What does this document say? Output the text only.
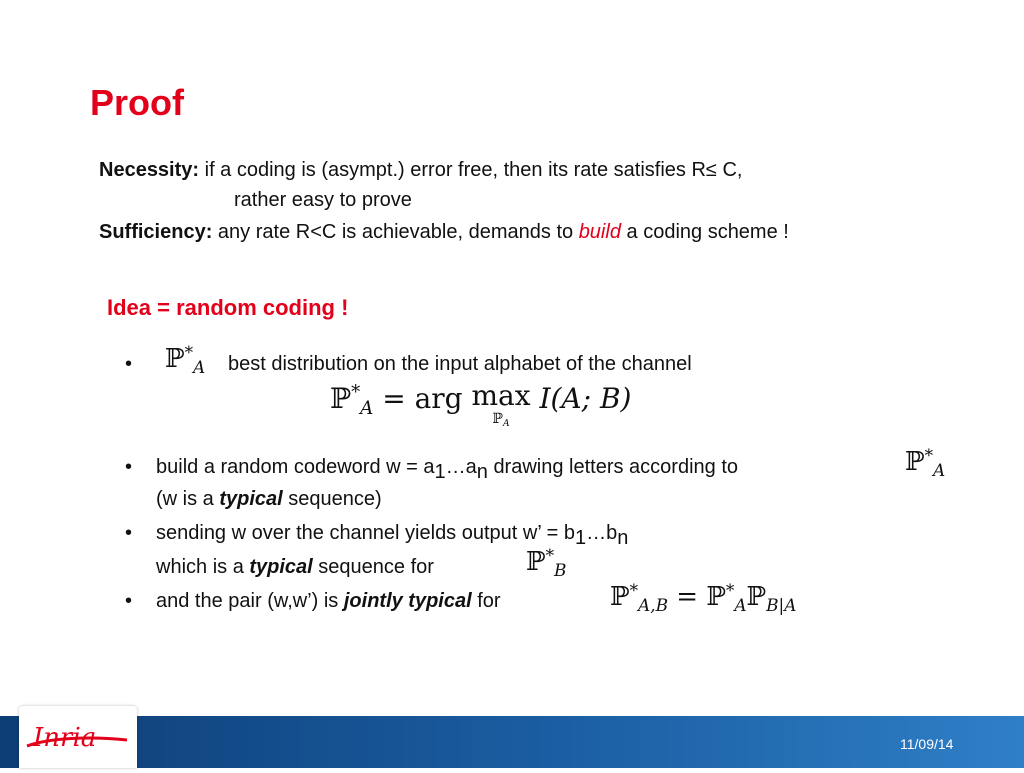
Proof
Necessity: if a coding is (asympt.) error free, then its rate satisfies R≤ C,
rather easy to prove
Sufficiency: any rate R<C is achievable, demands to build a coding scheme !
Idea = random coding !
• ℙ*$_A$ best distribution on the input alphabet of the channel
ℙ*$_A$ = arg max
ℙ$_A$
I(A; B)
• build a random codeword w = a1…an drawing letters according to	ℙ*$_A$
(w is a typical sequence)
• sending w over the channel yields output w’ = b1…bn
which is a typical sequence for	ℙ*$_B$
• and the pair (w,w’) is jointly typical for	ℙ*$_{A,B}$ = ℙ*$_A$ℙ$_{B|A}$
Inria	11/09/14
